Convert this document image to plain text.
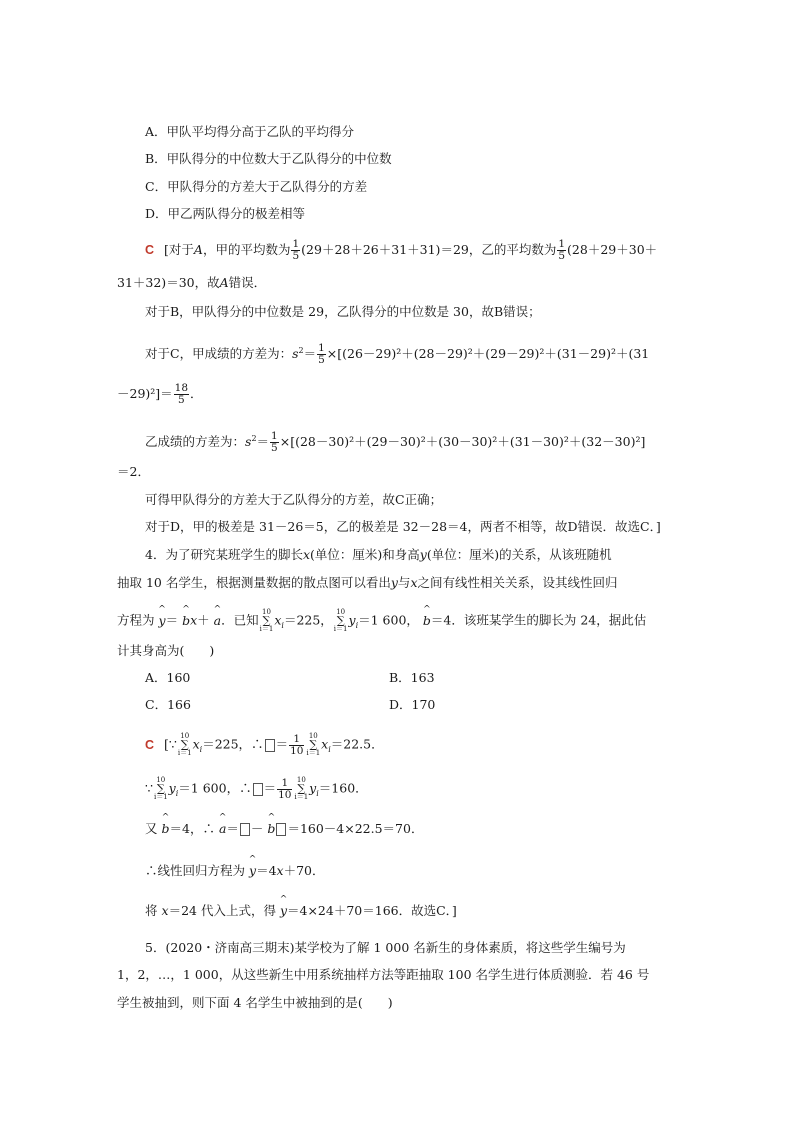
A．甲队平均得分高于乙队的平均得分
B．甲队得分的中位数大于乙队得分的中位数
C．甲队得分的方差大于乙队得分的方差
D．甲乙两队得分的极差相等
C [对于A，甲的平均数为 $\frac{1}{5} (29+28+26+31+31)=29$，乙的平均数为 $\frac{1}{5} (28+29+30+$
31＋32)＝30，故A错误．
对于B，甲队得分的中位数是 29，乙队得分的中位数是 30，故B错误；
对于C，甲成绩的方差为：$s^2= \frac{1}{5} \times[(26-29)^2+(28-29)^2+(29-29)^2+(31-29)^2+(31$
$-29)^2]= \frac{18}{5}$ ．
乙成绩的方差为：$s^2= \frac{1}{5} \times[(28-30)^2+(29-30)^2+(30-30)^2+(31-30)^2+(32-30)^2]$
＝2．
可得甲队得分的方差大于乙队得分的方差，故C正确；
对于D，甲的极差是 31－26＝5，乙的极差是 32－28＝4，两者不相等，故D错误．故选C．]
4．为了研究某班学生的脚长x(单位：厘米)和身高y(单位：厘米)的关系，从该班随机
抽取 10 名学生，根据测量数据的散点图可以看出y与x之间有线性相关关系，设其线性回归
方程为 ^ y＝ ^ bx＋ ^ a．已知10
∑
$i=1x_i=225$，10
∑
$i=1y_i=1$ 600， ^ b＝4．该班某学生的脚长为 24，据此估
计其身高为(　　)
A．160	B．163
C．166	D．170
C [∵10
∑
$i=1x_i=225$，∴ ＝ $\frac{1}{10} 10$
∑
$i=1x_i=22.5$．
∵10
∑
$i=1y_i=1$ 600，∴ ＝ $\frac{1}{10} 10$
∑
$i=1y_i=160$．
又 ^ b＝4，∴ ^ a＝ － ^ b ＝160－4×22.5＝70．
∴线性回归方程为 ^ y＝4x＋70．
将 x＝24 代入上式，得 ^ y＝4×24＋70＝166．故选C．]
5．(2020・济南高三期末)某学校为了解 1 000 名新生的身体素质，将这些学生编号为
1，2，…，1 000，从这些新生中用系统抽样方法等距抽取 100 名学生进行体质测验．若 46 号
学生被抽到，则下面 4 名学生中被抽到的是(　　)
